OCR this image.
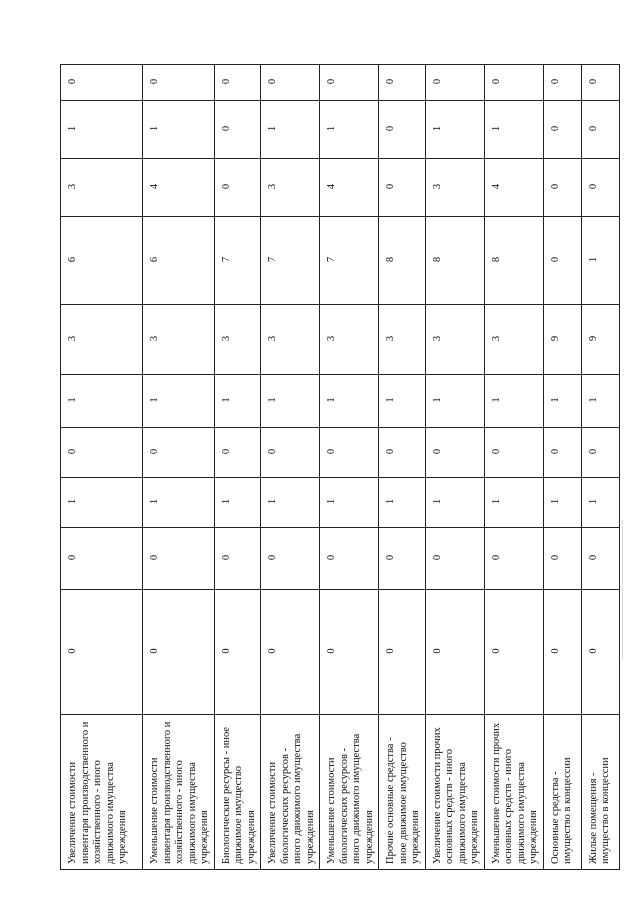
Увеличение стоимости инвентаря производственного и хозяйственного - иного движимого имущества учреждения	0	0	1	0	1	3	6	3	1	0
Уменьшение стоимости инвентаря производственного и хозяйственного - иного движимого имущества учреждения	0	0	1	0	1	3	6	4	1	0
Биологические ресурсы - иное движимое имущество учреждения	0	0	1	0	1	3	7	0	0	0
Увеличение стоимости биологических ресурсов - иного движимого имущества учреждения	0	0	1	0	1	3	7	3	1	0
Уменьшение стоимости биологических ресурсов - иного движимого имущества учреждения	0	0	1	0	1	3	7	4	1	0
Прочие основные средства - иное движимое имущество учреждения	0	0	1	0	1	3	8	0	0	0
Увеличение стоимости прочих основных средств - иного движимого имущества учреждения	0	0	1	0	1	3	8	3	1	0
Уменьшение стоимости прочих основных средств - иного движимого имущества учреждения	0	0	1	0	1	3	8	4	1	0
Основные средства - имущество в концессии	0	0	1	0	1	9	0	0	0	0
Жилые помещения - имущество в концессии	0	0	1	0	1	9	1	0	0	0
